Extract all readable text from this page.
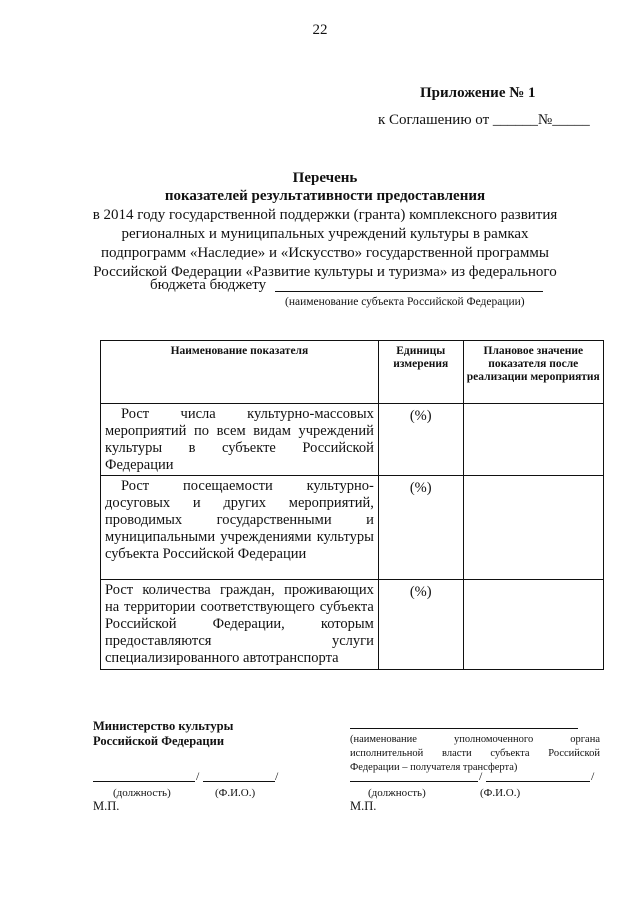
22
Приложение № 1
к Соглашению от ______№_____
Перечень
показателей результативности предоставления
в 2014 году государственной поддержки (гранта) комплексного развития регионалных и муниципальных учреждений культуры в рамках подпрограмм «Наследие» и «Искусство» государственной программы Российской Федерации «Развитие культуры и туризма» из федерального
бюджета бюджету
(наименование субъекта Российской Федерации)
Наименование показателя	Единицы измерения	Плановое значение показателя после реализации мероприятия

Рост числа культурно-массовых мероприятий по всем видам учреждений культуры в субъекте Российской Федерации	(%)	

Рост посещаемости культурно-досуговых и других мероприятий, проводимых государственными и муниципальными учреждениями культуры субъекта Российской Федерации	(%)	
Рост количества граждан, проживающих на территории соответствующего субъекта Российской Федерации, которым предоставляются услуги специализированного автотранспорта	(%)	
Министерство культуры
Российской Федерации	(наименование уполномоченного органа исполнительной власти субъекта Российской Федерации – получателя трансферта)
/	/
(должность)	(Ф.И.О.)
М.П.
/	/
(должность)	(Ф.И.О.)
М.П.
